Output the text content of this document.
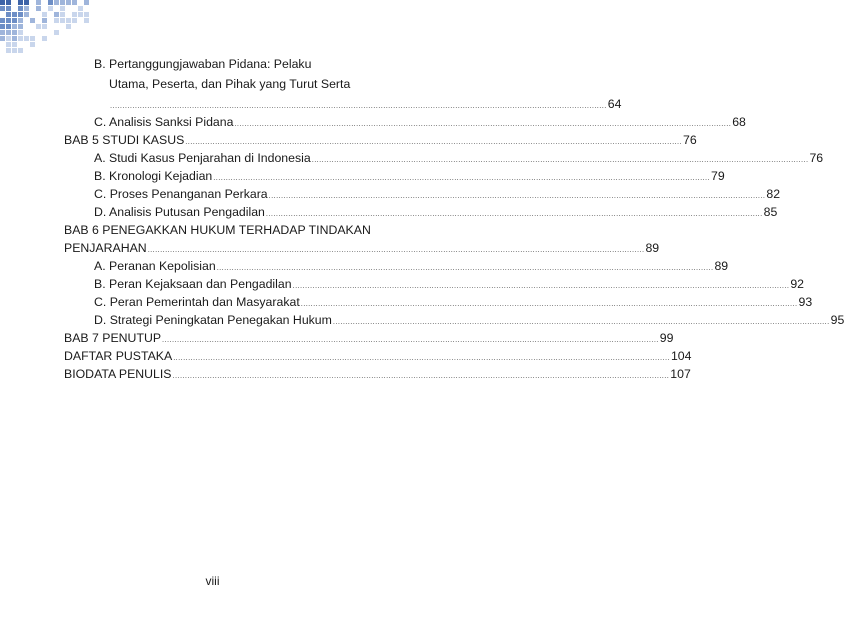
B. Pertanggungjawaban Pidana: Pelaku
Utama, Peserta, dan Pihak yang Turut Serta
........................................................................................................................................................................................................ 64
C. Analisis Sanksi Pidana ........................................................................................................................................................................................................ 68
BAB 5 STUDI KASUS ........................................................................................................................................................................................................ 76
A. Studi Kasus Penjarahan di Indonesia ........................................................................................................................................................................................................ 76
B. Kronologi Kejadian ........................................................................................................................................................................................................ 79
C. Proses Penanganan Perkara ........................................................................................................................................................................................................ 82
D. Analisis Putusan Pengadilan ........................................................................................................................................................................................................ 85
BAB 6 PENEGAKKAN HUKUM TERHADAP TINDAKAN
PENJARAHAN ........................................................................................................................................................................................................ 89
A. Peranan Kepolisian ........................................................................................................................................................................................................ 89
B. Peran Kejaksaan dan Pengadilan ........................................................................................................................................................................................................ 92
C. Peran Pemerintah dan Masyarakat ........................................................................................................................................................................................................ 93
D. Strategi Peningkatan Penegakan Hukum ........................................................................................................................................................................................................ 95
BAB 7 PENUTUP ........................................................................................................................................................................................................ 99
DAFTAR PUSTAKA ........................................................................................................................................................................................................ 104
BIODATA PENULIS ........................................................................................................................................................................................................ 107
viii
